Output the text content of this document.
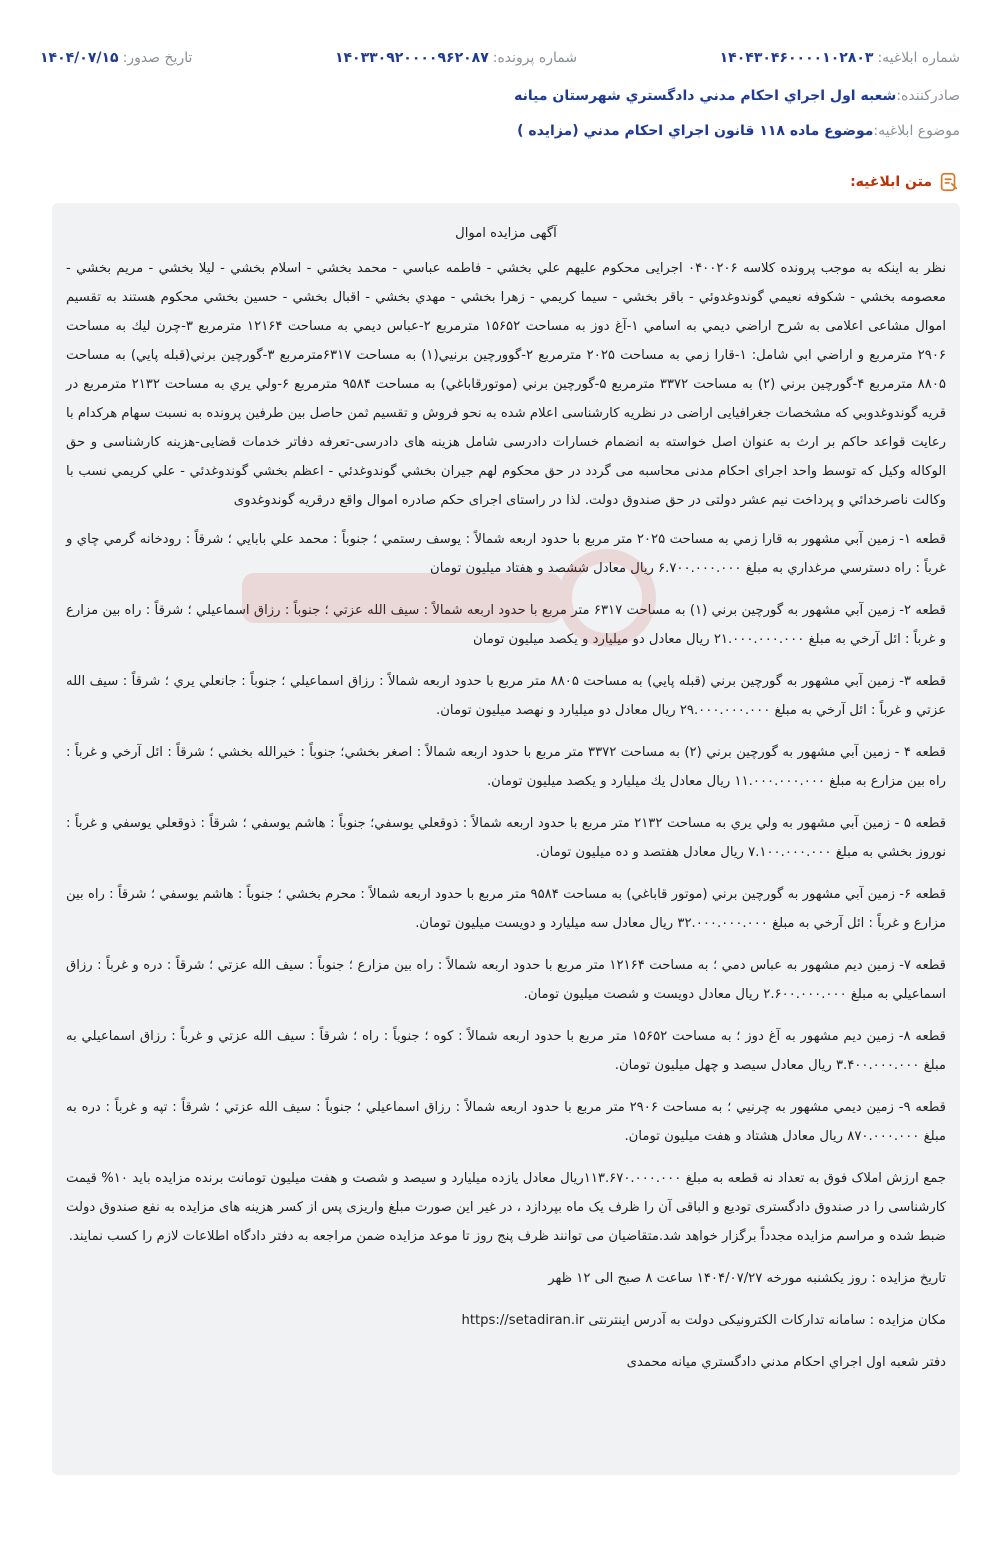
شماره ابلاغیه:
۱۴۰۴۳۰۴۶۰۰۰۰۱۰۲۸۰۳
شماره پرونده:
۱۴۰۳۳۰۹۲۰۰۰۰۹۶۲۰۸۷
تاریخ صدور:
۱۴۰۴/۰۷/۱۵
صادرکننده:
شعبه اول اجراي احكام مدني دادگستري شهرستان ميانه
موضوع ابلاغیه:
موضوع ماده ۱۱۸ قانون اجراي احكام مدني (مزايده )
متن ابلاغیه:

آگهی مزایده اموال

نظر به اینکه به موجب پرونده کلاسه ۰۴۰۰۲۰۶ اجرایی محکوم علیهم علي بخشي - فاطمه عباسي - محمد بخشي - اسلام بخشي - ليلا بخشي - مريم بخشي - معصومه بخشي - شكوفه نعيمي گوندوغدوئي - باقر بخشي - سيما كريمي - زهرا بخشي - مهدي بخشي - اقبال بخشي - حسين بخشي محکوم هستند به تقسیم اموال مشاعی اعلامی به شرح اراضي ديمي به اسامي ۱-آغ دوز به مساحت ۱۵۶۵۲ مترمربع ۲-عباس ديمي به مساحت ۱۲۱۶۴ مترمربع ۳-چرن ليك به مساحت ۲۹۰۶ مترمربع و اراضي ابي شامل: ۱-قارا زمي به مساحت ۲۰۲۵ مترمربع ۲-گوورچين برنيي(۱) به مساحت ۶۳۱۷مترمربع ۳-گورچين برني(قبله پايي) به مساحت ۸۸۰۵ مترمربع ۴-گورچين برني (۲) به مساحت ۳۳۷۲ مترمربع ۵-گورچين برني (موتورقاباغي) به مساحت ۹۵۸۴ مترمربع ۶-ولي يري به مساحت ۲۱۳۲ مترمربع در قريه گوندوغدوبي که مشخصات جغرافیایی اراضی در نظریه کارشناسی اعلام شده به نحو فروش و تقسیم ثمن حاصل بین طرفین پرونده به نسبت سهام هرکدام با رعایت قواعد حاکم بر ارث به عنوان اصل خواسته به انضمام خسارات دادرسی شامل هزینه های دادرسی-تعرفه دفاتر خدمات قضایی-هزینه کارشناسی و حق الوکاله وکیل که توسط واحد اجرای احکام مدنی محاسبه می گردد در حق محکوم لهم جيران بخشي گوندوغدئي - اعظم بخشي گوندوغدئي - علي كريمي نسب با وكالت ناصرخدائي و پرداخت نیم عشر دولتی در حق صندوق دولت. لذا در راستای اجرای حکم صادره اموال واقع درقریه گوندوغدوی

قطعه ۱- زمین آبي مشهور به قارا زمي به مساحت ۲۰۲۵ متر مربع با حدود اربعه شمالاً : يوسف رستمي ؛ جنوباً : محمد علي بابايي ؛ شرقاً : رودخانه گرمي چاي و غرباً : راه دسترسي مرغداري به مبلغ ۶.۷۰۰.۰۰۰.۰۰۰ ریال معادل ششصد و هفتاد میلیون تومان

قطعه ۲- زمین آبي مشهور به گورچين برني (۱) به مساحت ۶۳۱۷ متر مربع با حدود اربعه شمالاً : سيف الله عزتي ؛ جنوباً : رزاق اسماعيلي ؛ شرقاً : راه بين مزارع و غرباً : ائل آرخي به مبلغ ۲۱.۰۰۰.۰۰۰.۰۰۰ ریال معادل دو میلیارد و یکصد میلیون تومان

قطعه ۳- زمین آبي مشهور به گورچين برني (قبله پايي) به مساحت ۸۸۰۵ متر مربع با حدود اربعه شمالاً : رزاق اسماعيلي ؛ جنوباً : جانعلي يري ؛ شرقاً : سيف الله عزتي و غرباً : ائل آرخي به مبلغ ۲۹.۰۰۰.۰۰۰.۰۰۰ ریال معادل دو میلیارد و نهصد میلیون تومان.

قطعه ۴ - زمین آبي مشهور به گورچين برني (۲) به مساحت ۳۳۷۲ متر مربع با حدود اربعه شمالاً : اصغر بخشي؛ جنوباً : خيرالله بخشي ؛ شرقاً : ائل آرخي و غرباً : راه بين مزارع به مبلغ ۱۱.۰۰۰.۰۰۰.۰۰۰ ریال معادل یك میلیارد و یکصد میلیون تومان.

قطعه ۵ - زمین آبي مشهور به ولي يري به مساحت ۲۱۳۲ متر مربع با حدود اربعه شمالاً : ذوقعلي يوسفي؛ جنوباً : هاشم يوسفي ؛ شرقاً : ذوقعلي يوسفي و غرباً : نوروز بخشي به مبلغ ۷.۱۰۰.۰۰۰.۰۰۰ ریال معادل هفتصد و ده میلیون تومان.

قطعه ۶- زمین آبي مشهور به گورچين برني (موتور قاباغي) به مساحت ۹۵۸۴ متر مربع با حدود اربعه شمالاً : محرم بخشي ؛ جنوباً : هاشم يوسفي ؛ شرقاً : راه بين مزارع و غرباً : ائل آرخي به مبلغ ۳۲.۰۰۰.۰۰۰.۰۰۰ ریال معادل سه میلیارد و دویست میلیون تومان.

قطعه ۷- زمین ديم مشهور به عباس دمي ؛ به مساحت ۱۲۱۶۴ متر مربع با حدود اربعه شمالاً : راه بين مزارع ؛ جنوباً : سيف الله عزتي ؛ شرقاً : دره و غرباً : رزاق اسماعيلي به مبلغ ۲.۶۰۰.۰۰۰.۰۰۰ ریال معادل دويست و شصت میلیون تومان.

قطعه ۸- زمین ديم مشهور به آغ دوز ؛ به مساحت ۱۵۶۵۲ متر مربع با حدود اربعه شمالاً : كوه ؛ جنوباً : راه ؛ شرقاً : سيف الله عزتي و غرباً : رزاق اسماعيلي به مبلغ ۳.۴۰۰.۰۰۰.۰۰۰ ریال معادل سيصد و چهل میلیون تومان.

قطعه ۹- زمین ديمي مشهور به چرنيي ؛ به مساحت ۲۹۰۶ متر مربع با حدود اربعه شمالاً : رزاق اسماعيلي ؛ جنوباً : سيف الله عزتي ؛ شرقاً : تپه و غرباً : دره به مبلغ ۸۷۰.۰۰۰.۰۰۰ ریال معادل هشتاد و هفت میلیون تومان.

جمع ارزش املاک فوق به تعداد نه قطعه به مبلغ ۱۱۳.۶۷۰.۰۰۰.۰۰۰ریال معادل یازده میلیارد و سیصد و شصت و هفت میلیون تومانت برنده مزایده باید ۱۰% قیمت کارشناسی را در صندوق دادگستری تودیع و الباقی آن را ظرف یک ماه بپردازد ، در غیر این صورت مبلغ واریزی پس از کسر هزینه های مزایده به نفع صندوق دولت ضبط شده و مراسم مزایده مجدداً برگزار خواهد شد.متقاضیان می توانند ظرف پنج روز تا موعد مزایده ضمن مراجعه به دفتر دادگاه اطلاعات لازم را کسب نمایند.

تاریخ مزایده : روز یکشنبه مورخه ۱۴۰۴/۰۷/۲۷ ساعت ۸ صبح الی ۱۲ ظهر

مکان مزایده : سامانه تدارکات الکترونیکی دولت به آدرس اینترنتی https://setadiran.ir

دفتر شعبه اول اجراي احكام مدني دادگستري ميانه محمدی
